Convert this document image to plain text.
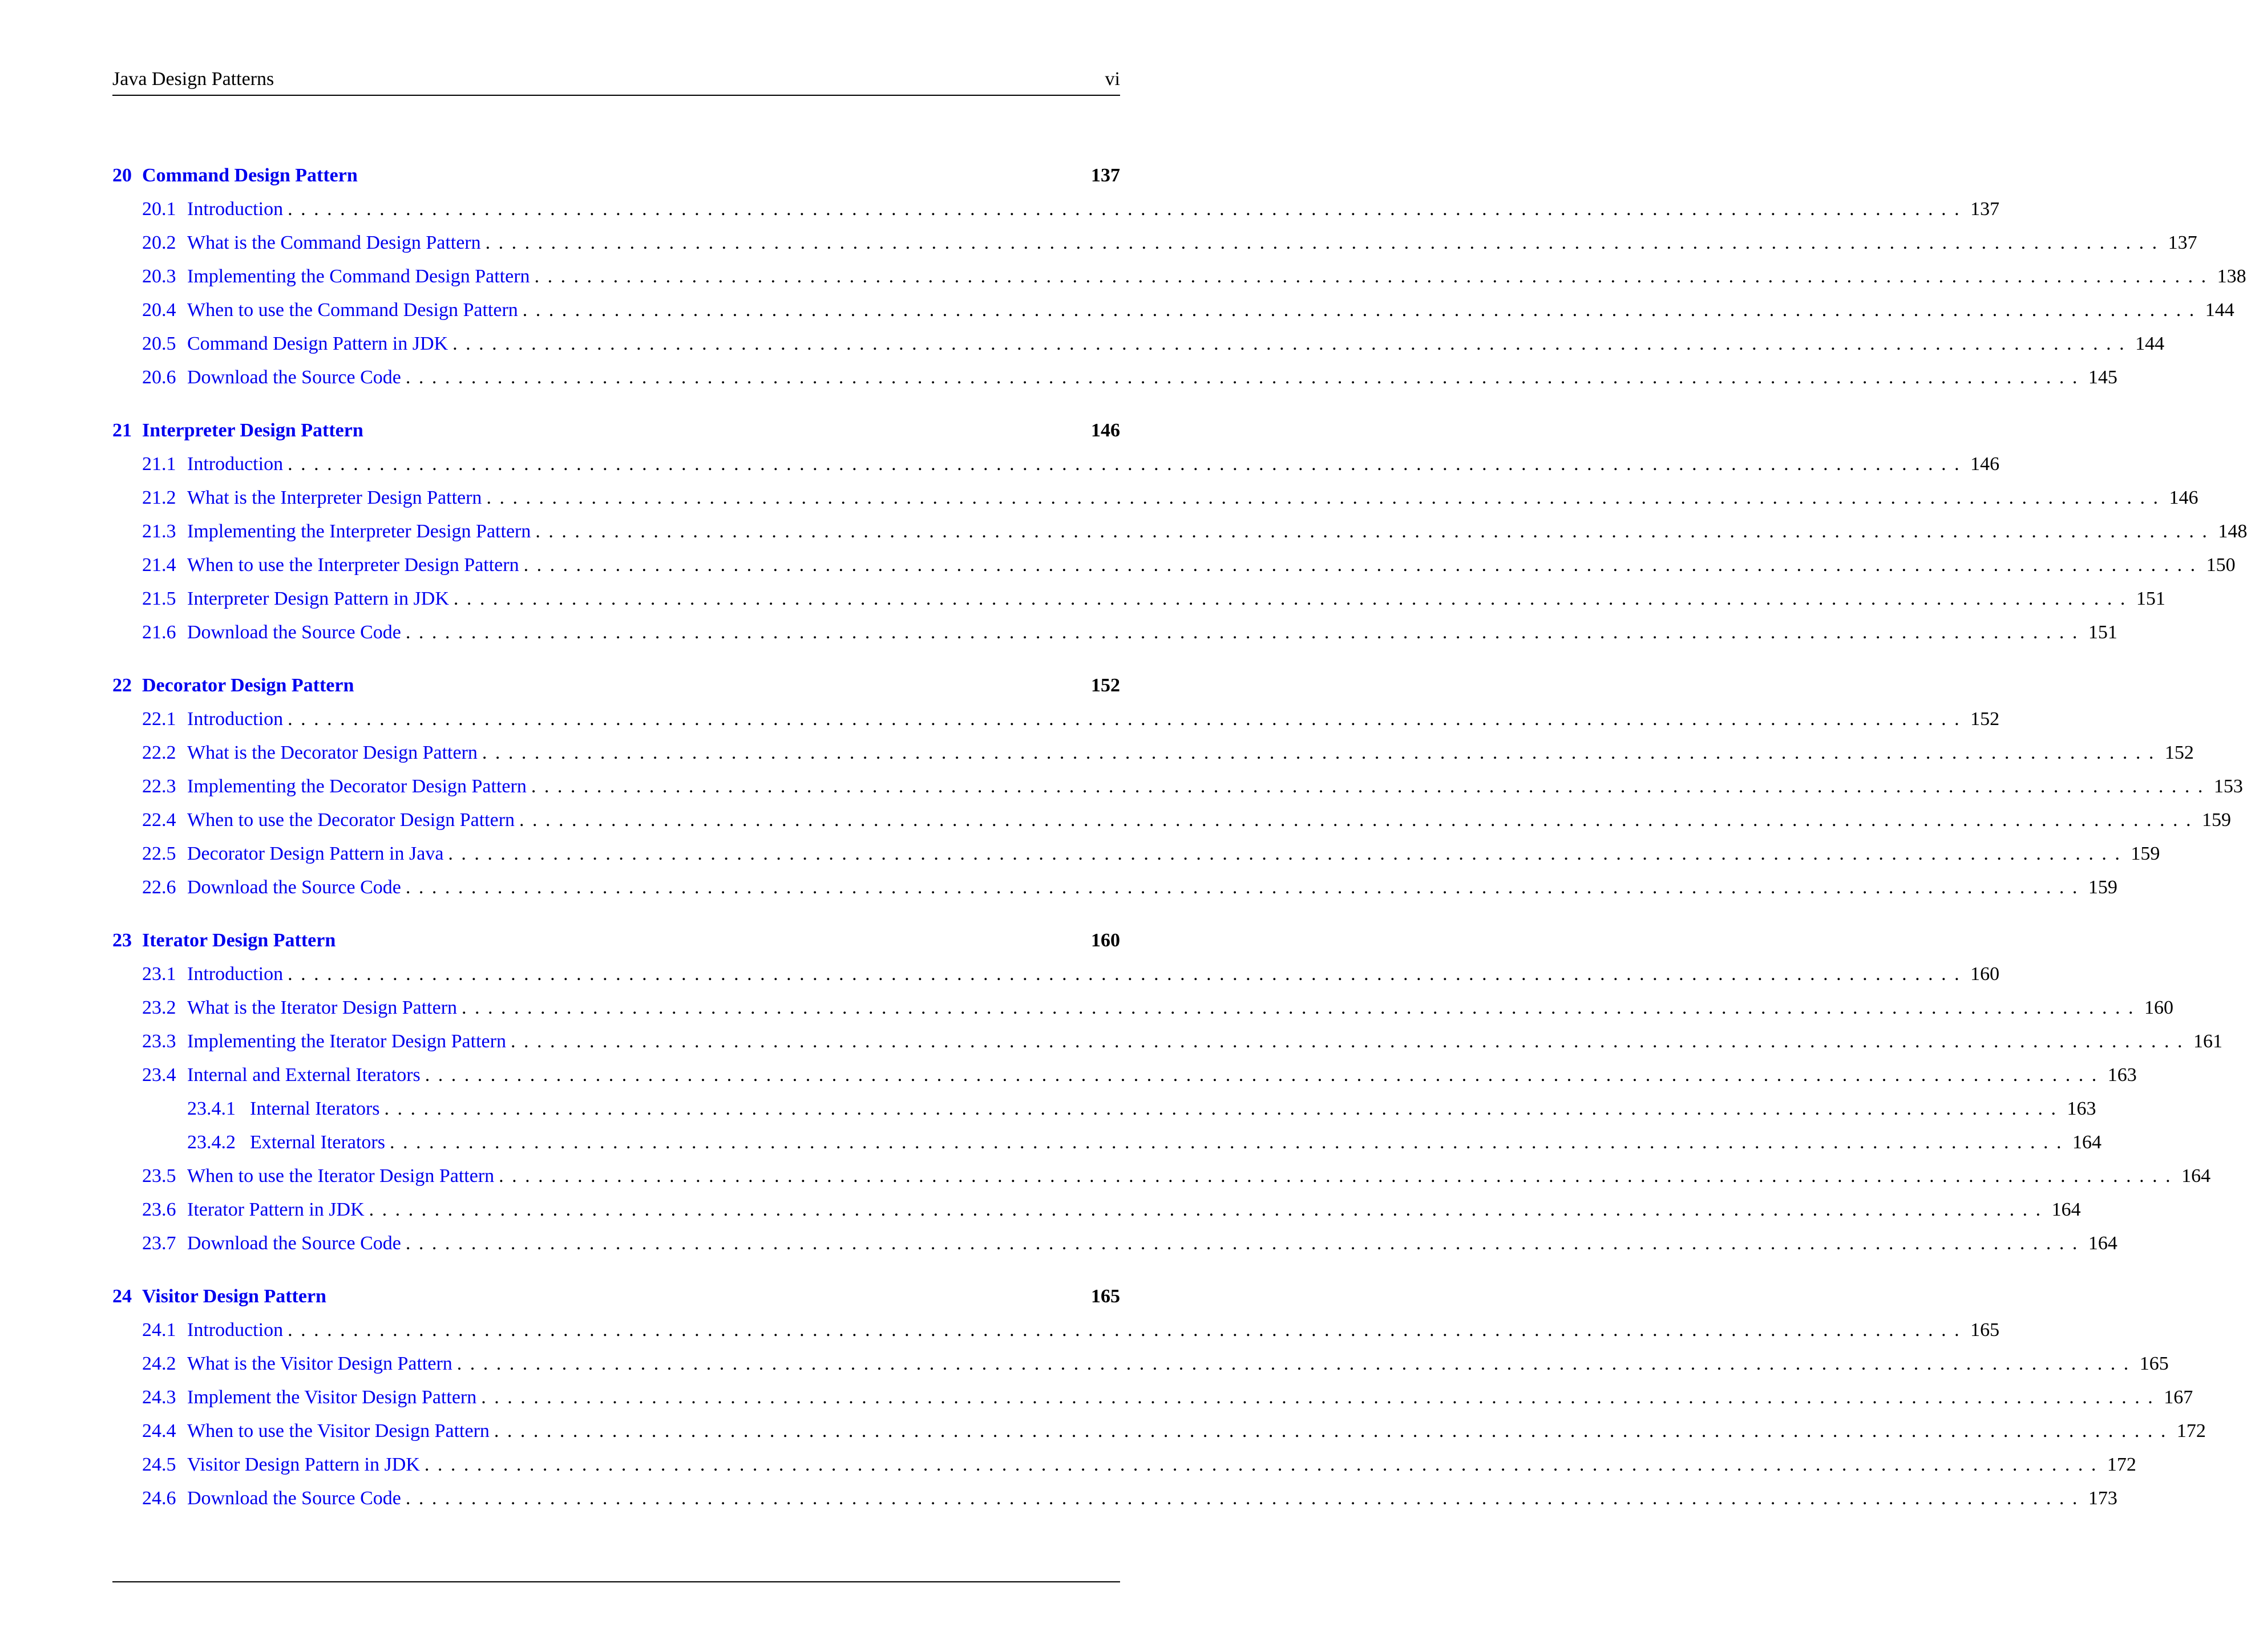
Java Design Patterns	vi
20 Command Design Pattern	137
20.1 Introduction ................................................................................................................................ 137
20.2 What is the Command Design Pattern ................................................................................................................................ 137
20.3 Implementing the Command Design Pattern ................................................................................................................................ 138
20.4 When to use the Command Design Pattern ................................................................................................................................ 144
20.5 Command Design Pattern in JDK ................................................................................................................................ 144
20.6 Download the Source Code ................................................................................................................................ 145
21 Interpreter Design Pattern	146
21.1 Introduction ................................................................................................................................ 146
21.2 What is the Interpreter Design Pattern ................................................................................................................................ 146
21.3 Implementing the Interpreter Design Pattern ................................................................................................................................ 148
21.4 When to use the Interpreter Design Pattern ................................................................................................................................ 150
21.5 Interpreter Design Pattern in JDK ................................................................................................................................ 151
21.6 Download the Source Code ................................................................................................................................ 151
22 Decorator Design Pattern	152
22.1 Introduction ................................................................................................................................ 152
22.2 What is the Decorator Design Pattern ................................................................................................................................ 152
22.3 Implementing the Decorator Design Pattern ................................................................................................................................ 153
22.4 When to use the Decorator Design Pattern ................................................................................................................................ 159
22.5 Decorator Design Pattern in Java ................................................................................................................................ 159
22.6 Download the Source Code ................................................................................................................................ 159
23 Iterator Design Pattern	160
23.1 Introduction ................................................................................................................................ 160
23.2 What is the Iterator Design Pattern ................................................................................................................................ 160
23.3 Implementing the Iterator Design Pattern ................................................................................................................................ 161
23.4 Internal and External Iterators ................................................................................................................................ 163
23.4.1 Internal Iterators ................................................................................................................................ 163
23.4.2 External Iterators ................................................................................................................................ 164
23.5 When to use the Iterator Design Pattern ................................................................................................................................ 164
23.6 Iterator Pattern in JDK ................................................................................................................................ 164
23.7 Download the Source Code ................................................................................................................................ 164
24 Visitor Design Pattern	165
24.1 Introduction ................................................................................................................................ 165
24.2 What is the Visitor Design Pattern ................................................................................................................................ 165
24.3 Implement the Visitor Design Pattern ................................................................................................................................ 167
24.4 When to use the Visitor Design Pattern ................................................................................................................................ 172
24.5 Visitor Design Pattern in JDK ................................................................................................................................ 172
24.6 Download the Source Code ................................................................................................................................ 173
